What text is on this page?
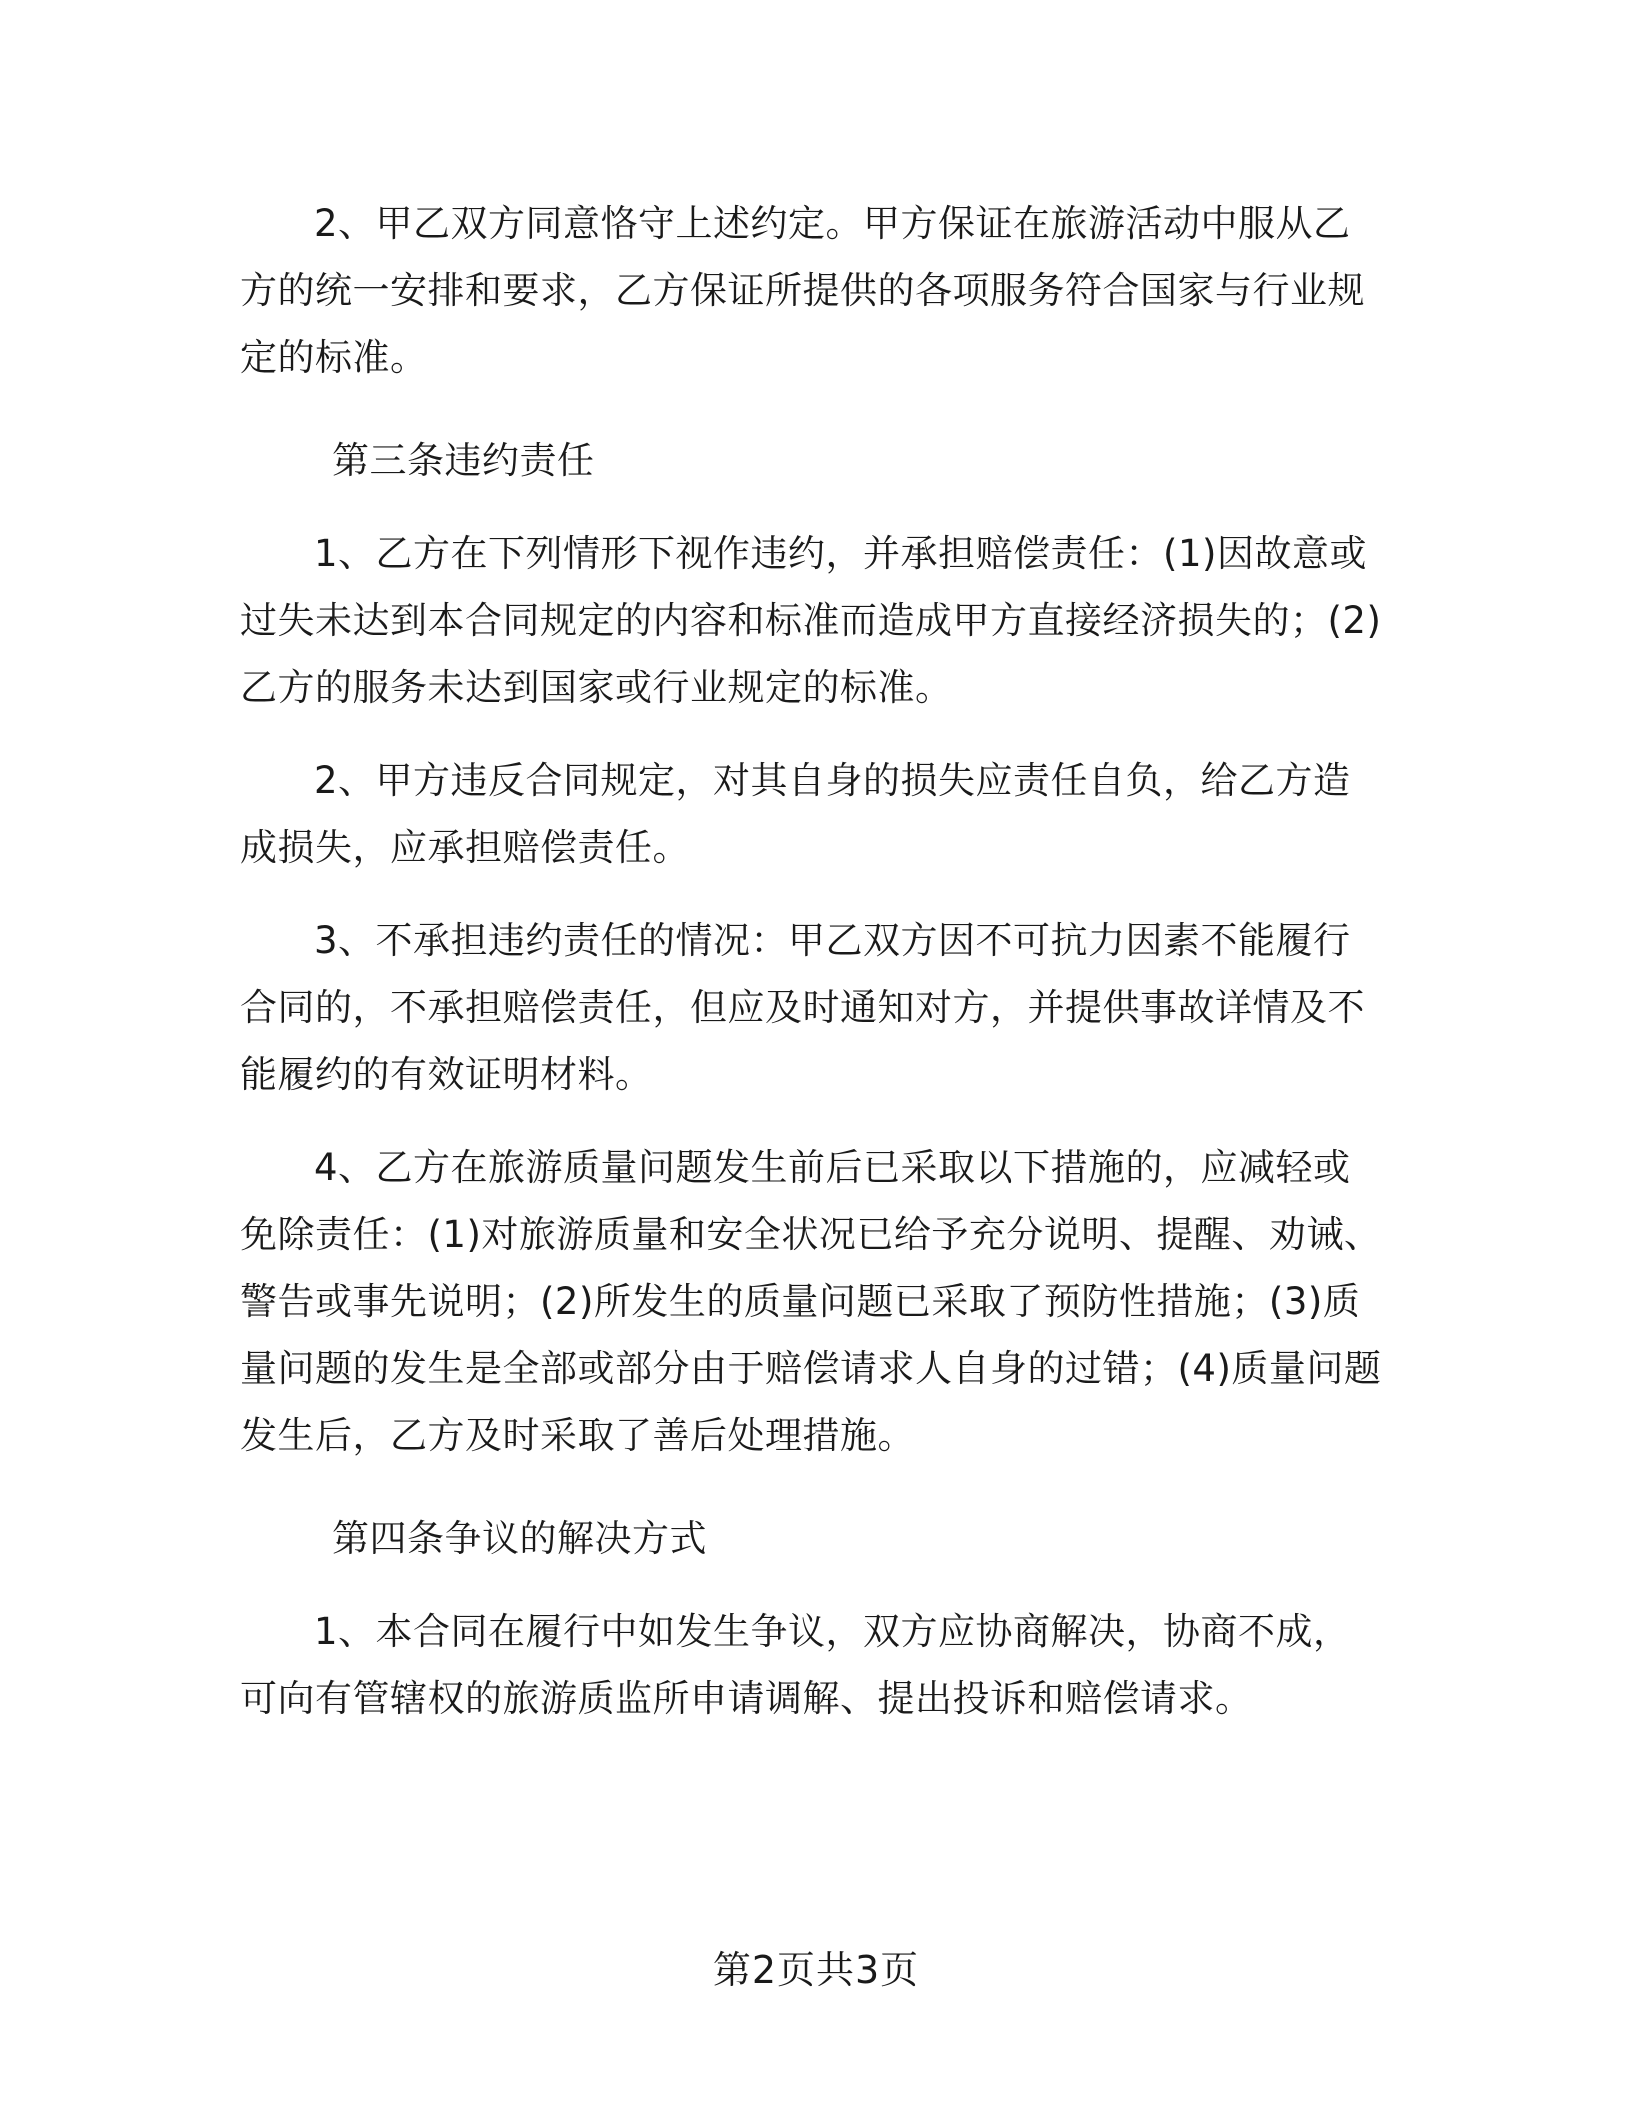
2、甲乙双方同意恪守上述约定。甲方保证在旅游活动中服从乙方的统一安排和要求，乙方保证所提供的各项服务符合国家与行业规定的标准。

第三条违约责任

1、乙方在下列情形下视作违约，并承担赔偿责任：(1)因故意或过失未达到本合同规定的内容和标准而造成甲方直接经济损失的；(2)乙方的服务未达到国家或行业规定的标准。

2、甲方违反合同规定，对其自身的损失应责任自负，给乙方造成损失，应承担赔偿责任。

3、不承担违约责任的情况：甲乙双方因不可抗力因素不能履行合同的，不承担赔偿责任，但应及时通知对方，并提供事故详情及不能履约的有效证明材料。

4、乙方在旅游质量问题发生前后已采取以下措施的，应减轻或免除责任：(1)对旅游质量和安全状况已给予充分说明、提醒、劝诫、警告或事先说明；(2)所发生的质量问题已采取了预防性措施；(3)质量问题的发生是全部或部分由于赔偿请求人自身的过错；(4)质量问题发生后，乙方及时采取了善后处理措施。

第四条争议的解决方式

1、本合同在履行中如发生争议，双方应协商解决，协商不成，可向有管辖权的旅游质监所申请调解、提出投诉和赔偿请求。

第2页共3页
